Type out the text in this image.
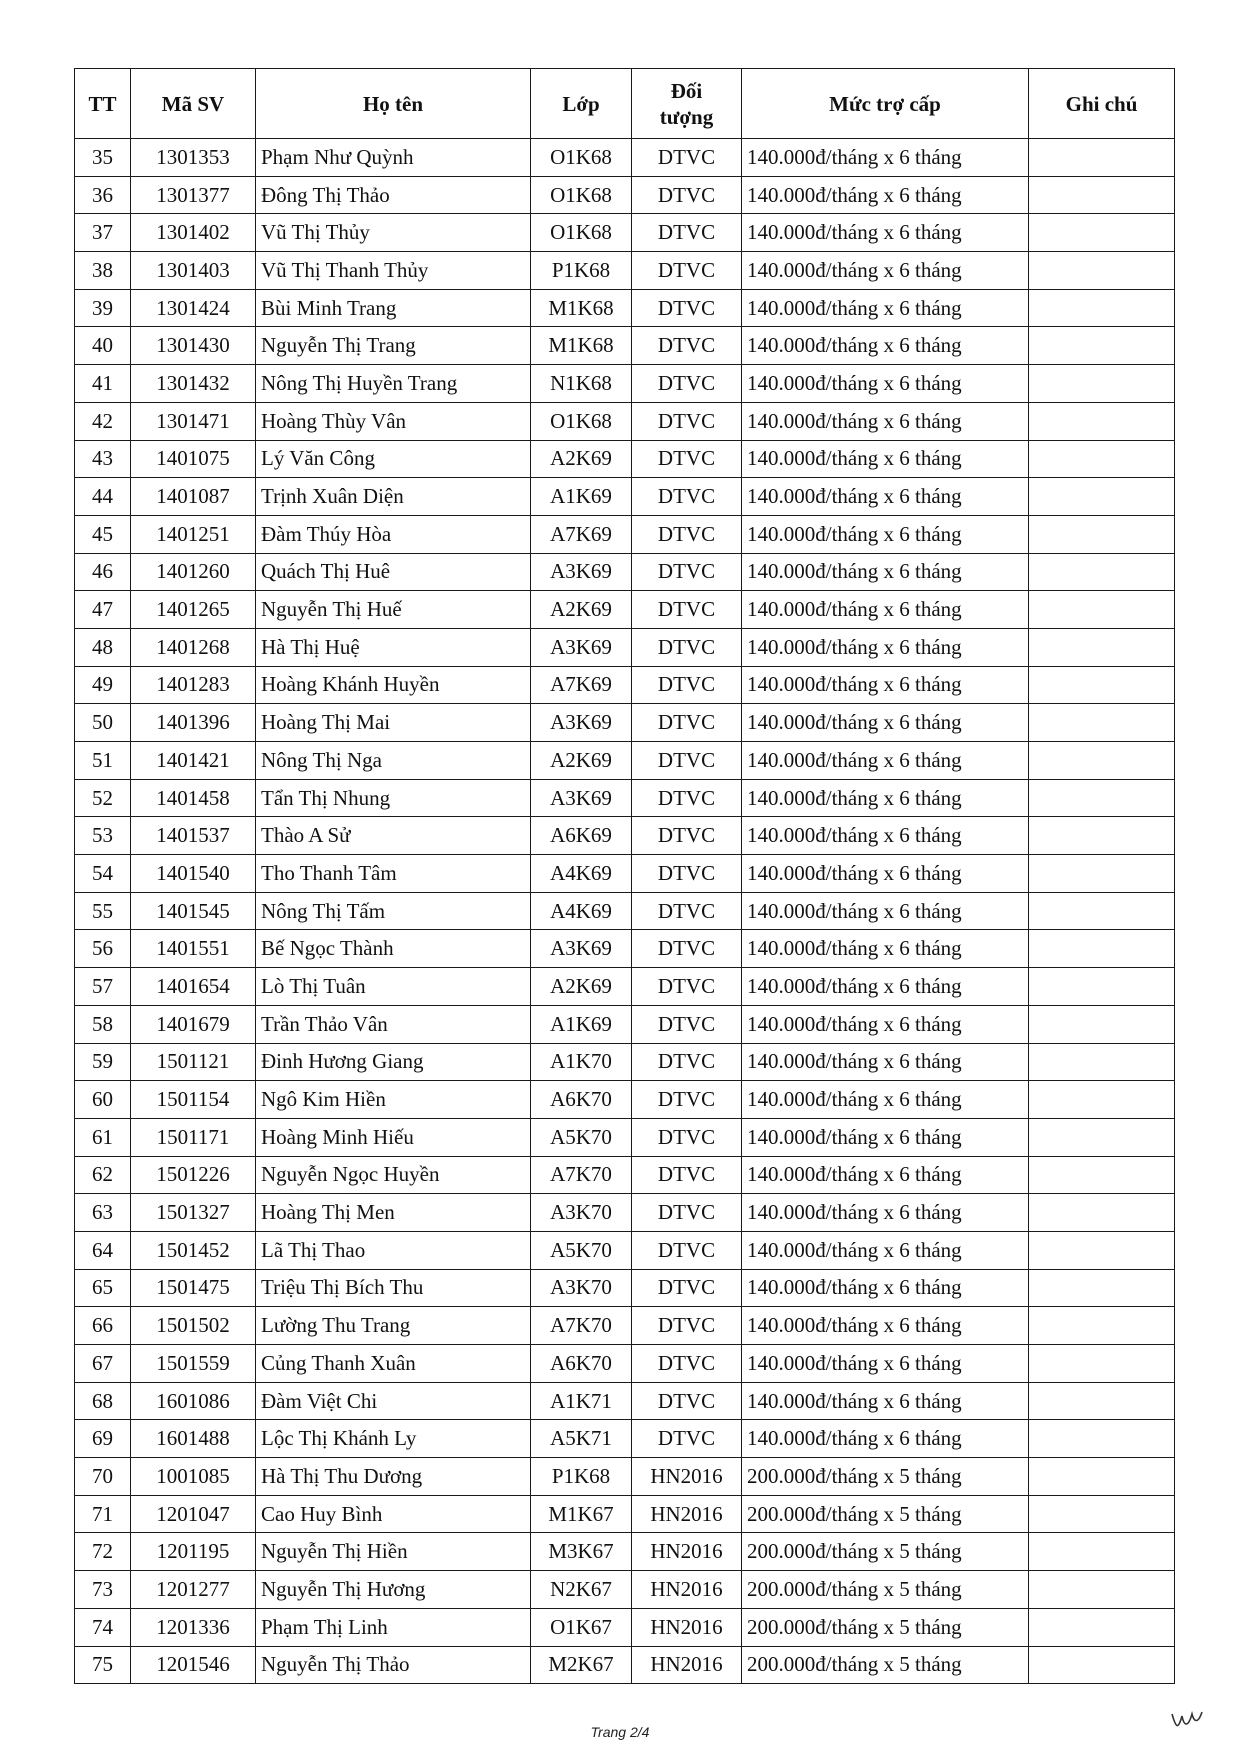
TT	Mã SV	Họ tên	Lớp	Đối tượng	Mức trợ cấp	Ghi chú
35	1301353	Phạm Như Quỳnh	O1K68	DTVC	140.000đ/tháng x 6 tháng	
36	1301377	Đông Thị Thảo	O1K68	DTVC	140.000đ/tháng x 6 tháng	
37	1301402	Vũ Thị Thủy	O1K68	DTVC	140.000đ/tháng x 6 tháng	
38	1301403	Vũ Thị Thanh Thủy	P1K68	DTVC	140.000đ/tháng x 6 tháng	
39	1301424	Bùi Minh Trang	M1K68	DTVC	140.000đ/tháng x 6 tháng	
40	1301430	Nguyễn Thị Trang	M1K68	DTVC	140.000đ/tháng x 6 tháng	
41	1301432	Nông Thị Huyền Trang	N1K68	DTVC	140.000đ/tháng x 6 tháng	
42	1301471	Hoàng Thùy Vân	O1K68	DTVC	140.000đ/tháng x 6 tháng	
43	1401075	Lý Văn Công	A2K69	DTVC	140.000đ/tháng x 6 tháng	
44	1401087	Trịnh Xuân Diện	A1K69	DTVC	140.000đ/tháng x 6 tháng	
45	1401251	Đàm Thúy Hòa	A7K69	DTVC	140.000đ/tháng x 6 tháng	
46	1401260	Quách Thị Huê	A3K69	DTVC	140.000đ/tháng x 6 tháng	
47	1401265	Nguyễn Thị Huế	A2K69	DTVC	140.000đ/tháng x 6 tháng	
48	1401268	Hà Thị Huệ	A3K69	DTVC	140.000đ/tháng x 6 tháng	
49	1401283	Hoàng Khánh Huyền	A7K69	DTVC	140.000đ/tháng x 6 tháng	
50	1401396	Hoàng Thị Mai	A3K69	DTVC	140.000đ/tháng x 6 tháng	
51	1401421	Nông Thị Nga	A2K69	DTVC	140.000đ/tháng x 6 tháng	
52	1401458	Tẩn Thị Nhung	A3K69	DTVC	140.000đ/tháng x 6 tháng	
53	1401537	Thào A Sử	A6K69	DTVC	140.000đ/tháng x 6 tháng	
54	1401540	Tho Thanh Tâm	A4K69	DTVC	140.000đ/tháng x 6 tháng	
55	1401545	Nông Thị Tấm	A4K69	DTVC	140.000đ/tháng x 6 tháng	
56	1401551	Bế Ngọc Thành	A3K69	DTVC	140.000đ/tháng x 6 tháng	
57	1401654	Lò Thị Tuân	A2K69	DTVC	140.000đ/tháng x 6 tháng	
58	1401679	Trần Thảo Vân	A1K69	DTVC	140.000đ/tháng x 6 tháng	
59	1501121	Đinh Hương Giang	A1K70	DTVC	140.000đ/tháng x 6 tháng	
60	1501154	Ngô Kim Hiền	A6K70	DTVC	140.000đ/tháng x 6 tháng	
61	1501171	Hoàng Minh Hiếu	A5K70	DTVC	140.000đ/tháng x 6 tháng	
62	1501226	Nguyễn Ngọc Huyền	A7K70	DTVC	140.000đ/tháng x 6 tháng	
63	1501327	Hoàng Thị Men	A3K70	DTVC	140.000đ/tháng x 6 tháng	
64	1501452	Lã Thị Thao	A5K70	DTVC	140.000đ/tháng x 6 tháng	
65	1501475	Triệu Thị Bích Thu	A3K70	DTVC	140.000đ/tháng x 6 tháng	
66	1501502	Lường Thu Trang	A7K70	DTVC	140.000đ/tháng x 6 tháng	
67	1501559	Củng Thanh Xuân	A6K70	DTVC	140.000đ/tháng x 6 tháng	
68	1601086	Đàm Việt Chi	A1K71	DTVC	140.000đ/tháng x 6 tháng	
69	1601488	Lộc Thị Khánh Ly	A5K71	DTVC	140.000đ/tháng x 6 tháng	
70	1001085	Hà Thị Thu Dương	P1K68	HN2016	200.000đ/tháng x 5 tháng	
71	1201047	Cao Huy Bình	M1K67	HN2016	200.000đ/tháng x 5 tháng	
72	1201195	Nguyễn Thị Hiền	M3K67	HN2016	200.000đ/tháng x 5 tháng	
73	1201277	Nguyễn Thị Hương	N2K67	HN2016	200.000đ/tháng x 5 tháng	
74	1201336	Phạm Thị Linh	O1K67	HN2016	200.000đ/tháng x 5 tháng	
75	1201546	Nguyễn Thị Thảo	M2K67	HN2016	200.000đ/tháng x 5 tháng	
Trang 2/4
